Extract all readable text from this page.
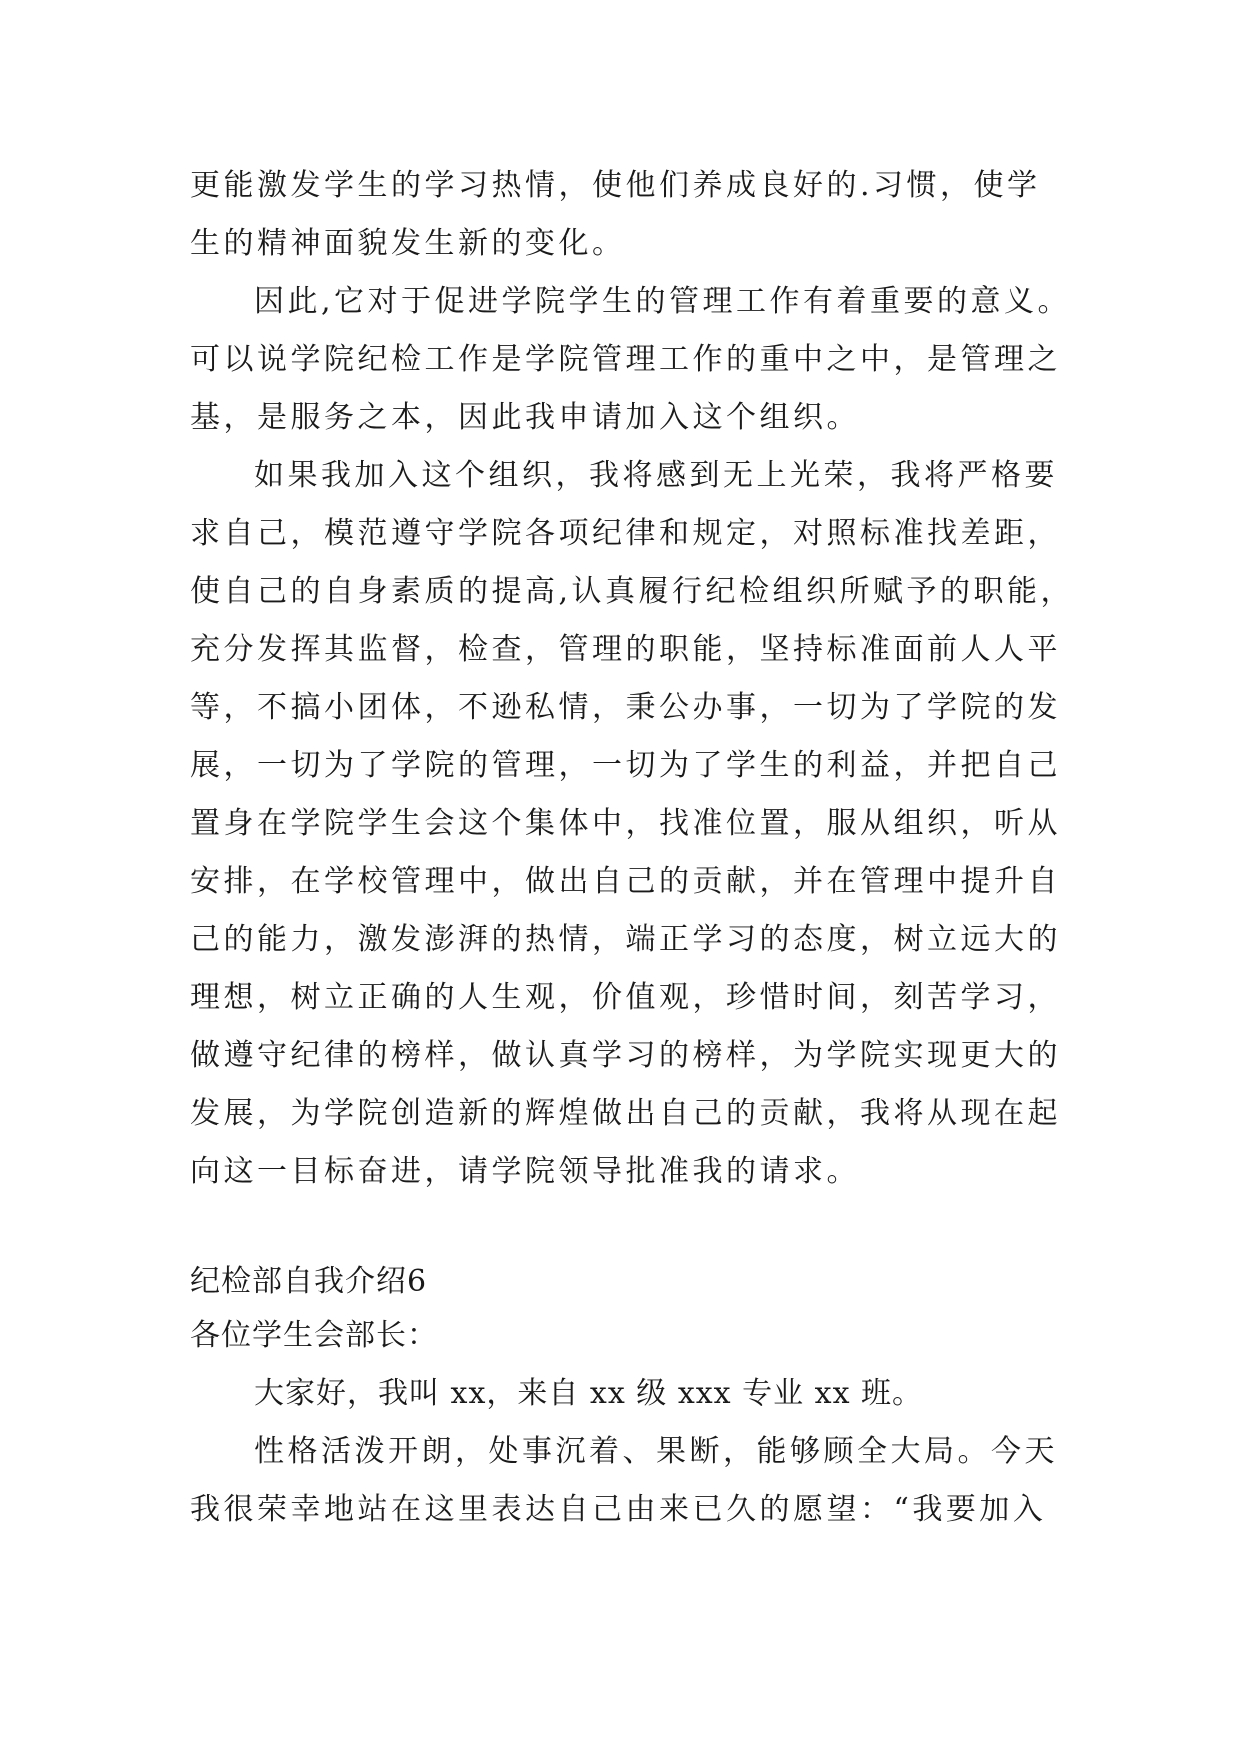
更能激发学生的学习热情，使他们养成良好的.习惯，使学
生的精神面貌发生新的变化。
因此,它对于促进学院学生的管理工作有着重要的意义。
可以说学院纪检工作是学院管理工作的重中之中，是管理之
基，是服务之本，因此我申请加入这个组织。
如果我加入这个组织，我将感到无上光荣，我将严格要
求自己，模范遵守学院各项纪律和规定，对照标准找差距，
使自己的自身素质的提高,认真履行纪检组织所赋予的职能，
充分发挥其监督，检查，管理的职能，坚持标准面前人人平
等，不搞小团体，不逊私情，秉公办事，一切为了学院的发
展，一切为了学院的管理，一切为了学生的利益，并把自己
置身在学院学生会这个集体中，找准位置，服从组织，听从
安排，在学校管理中，做出自己的贡献，并在管理中提升自
己的能力，激发澎湃的热情，端正学习的态度，树立远大的
理想，树立正确的人生观，价值观，珍惜时间，刻苦学习，
做遵守纪律的榜样，做认真学习的榜样，为学院实现更大的
发展，为学院创造新的辉煌做出自己的贡献，我将从现在起
向这一目标奋进，请学院领导批准我的请求。
纪检部自我介绍6
各位学生会部长：
大家好，我叫 xx，来自 xx 级 xxx 专业 xx 班。
性格活泼开朗，处事沉着、果断，能够顾全大局。今天
我很荣幸地站在这里表达自己由来已久的愿望：“我要加入
